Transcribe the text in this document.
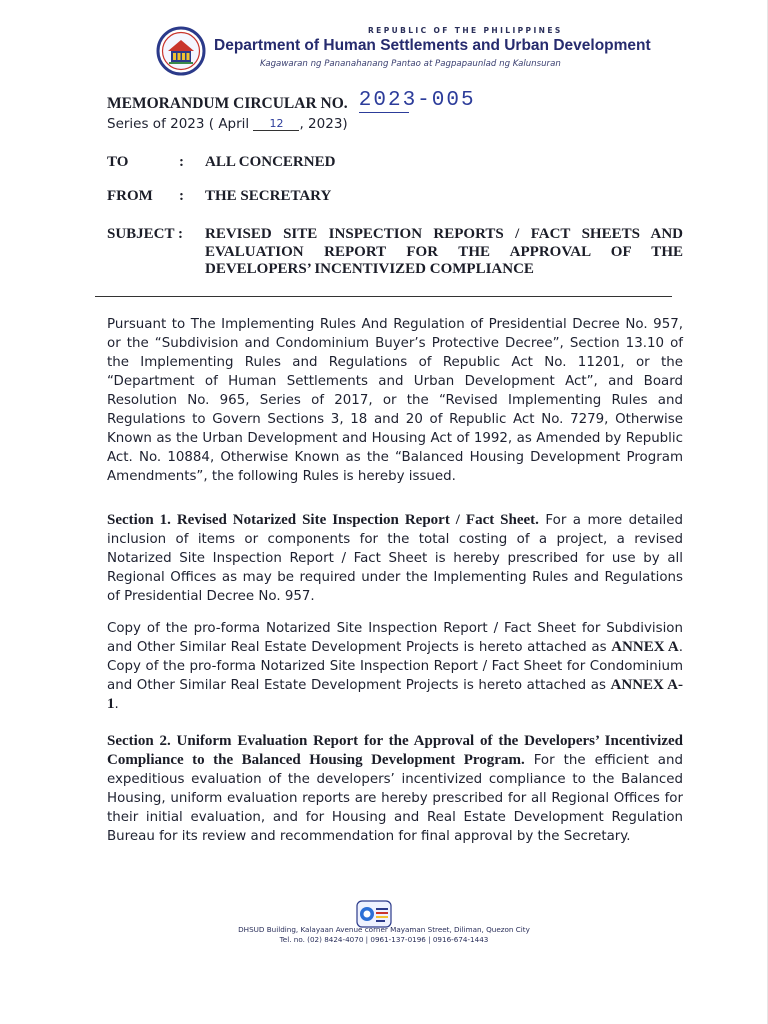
REPUBLIC OF THE PHILIPPINES
Department of Human Settlements and Urban Development
Kagawaran ng Pananahanang Pantao at Pagpapaunlad ng Kalunsuran
MEMORANDUM CIRCULAR NO. 2023-005
Series of 2023 ( April 12 , 2023)
TO	: ALL CONCERNED
FROM : THE SECRETARY
SUBJECT : REVISED SITE INSPECTION REPORTS / FACT SHEETS AND EVALUATION REPORT FOR THE APPROVAL OF THE DEVELOPERS’ INCENTIVIZED COMPLIANCE
Pursuant to The Implementing Rules And Regulation of Presidential Decree No. 957, or the “Subdivision and Condominium Buyer’s Protective Decree”, Section 13.10 of the Implementing Rules and Regulations of Republic Act No. 11201, or the “Department of Human Settlements and Urban Development Act”, and Board Resolution No. 965, Series of 2017, or the “Revised Implementing Rules and Regulations to Govern Sections 3, 18 and 20 of Republic Act No. 7279, Otherwise Known as the Urban Development and Housing Act of 1992, as Amended by Republic Act. No. 10884, Otherwise Known as the “Balanced Housing Development Program Amendments”, the following Rules is hereby issued.
Section 1. Revised Notarized Site Inspection Report / Fact Sheet. For a more detailed inclusion of items or components for the total costing of a project, a revised Notarized Site Inspection Report / Fact Sheet is hereby prescribed for use by all Regional Offices as may be required under the Implementing Rules and Regulations of Presidential Decree No. 957.
Copy of the pro-forma Notarized Site Inspection Report / Fact Sheet for Subdivision and Other Similar Real Estate Development Projects is hereto attached as ANNEX A. Copy of the pro-forma Notarized Site Inspection Report / Fact Sheet for Condominium and Other Similar Real Estate Development Projects is hereto attached as ANNEX A-1.
Section 2. Uniform Evaluation Report for the Approval of the Developers’ Incentivized Compliance to the Balanced Housing Development Program. For the efficient and expeditious evaluation of the developers’ incentivized compliance to the Balanced Housing, uniform evaluation reports are hereby prescribed for all Regional Offices for their initial evaluation, and for Housing and Real Estate Development Regulation Bureau for its review and recommendation for final approval by the Secretary.
DHSUD Building, Kalayaan Avenue corner Mayaman Street, Diliman, Quezon City
Tel. no. (02) 8424-4070 | 0961-137-0196 | 0916-674-1443
